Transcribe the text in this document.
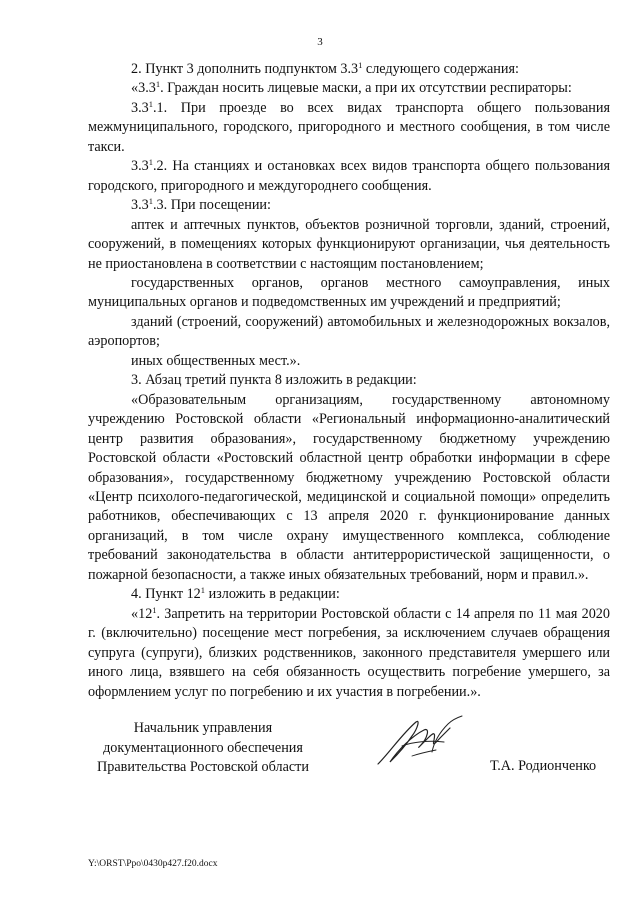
3

2. Пункт 3 дополнить подпунктом $3.3^1$ следующего содержания:

«$3.3^1$. Граждан носить лицевые маски, а при их отсутствии респираторы:

$3.3^1.1$. При проезде во всех видах транспорта общего пользования межмуниципального, городского, пригородного и местного сообщения, в том числе такси.

$3.3^1.2$. На станциях и остановках всех видов транспорта общего пользования городского, пригородного и междугороднего сообщения.

$3.3^1.3$. При посещении:

аптек и аптечных пунктов, объектов розничной торговли, зданий, строений, сооружений, в помещениях которых функционируют организации, чья деятельность не приостановлена в соответствии с настоящим постановлением;

государственных органов, органов местного самоуправления, иных муниципальных органов и подведомственных им учреждений и предприятий;

зданий (строений, сооружений) автомобильных и железнодорожных вокзалов, аэропортов;

иных общественных мест.».

3. Абзац третий пункта 8 изложить в редакции:

«Образовательным организациям, государственному автономному учреждению Ростовской области «Региональный информационно-аналитический центр развития образования», государственному бюджетному учреждению Ростовской области «Ростовский областной центр обработки информации в сфере образования», государственному бюджетному учреждению Ростовской области «Центр психолого-педагогической, медицинской и социальной помощи» определить работников, обеспечивающих с 13 апреля 2020 г. функционирование данных организаций, в том числе охрану имущественного комплекса, соблюдение требований законодательства в области антитеррористической защищенности, о пожарной безопасности, а также иных обязательных требований, норм и правил.».

4. Пункт $12^1$ изложить в редакции:

«$12^1$. Запретить на территории Ростовской области с 14 апреля по 11 мая 2020 г. (включительно) посещение мест погребения, за исключением случаев обращения супруга (супруги), близких родственников, законного представителя умершего или иного лица, взявшего на себя обязанность осуществить погребение умершего, за оформлением услуг по погребению и их участия в погребении.».

Начальник управления
документационного обеспечения
Правительства Ростовской области	Т.А. Родионченко
Y:\ORST\Ppo\0430p427.f20.docx
